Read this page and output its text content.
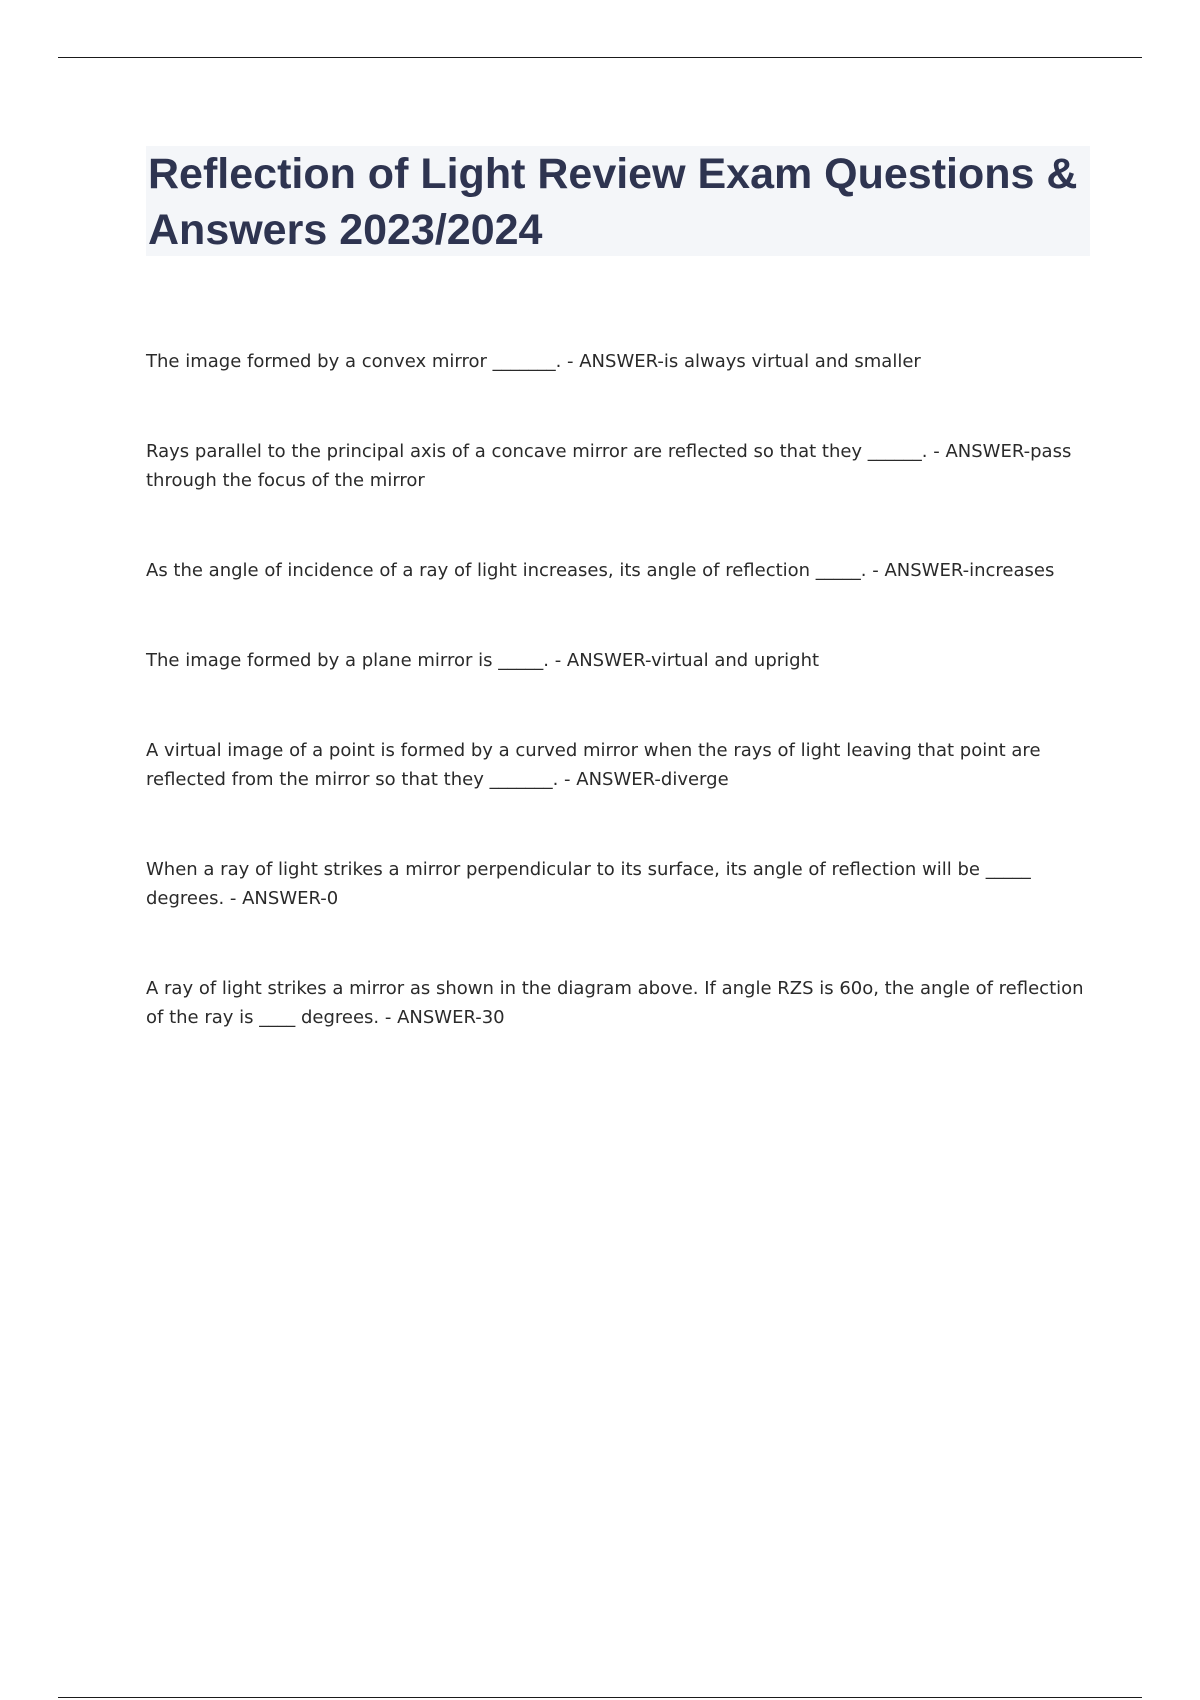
Reflection of Light Review Exam Questions & Answers 2023/2024

The image formed by a convex mirror _______. - ANSWER-is always virtual and smaller

Rays parallel to the principal axis of a concave mirror are reflected so that they ______. - ANSWER-pass through the focus of the mirror

As the angle of incidence of a ray of light increases, its angle of reflection _____. - ANSWER-increases

The image formed by a plane mirror is _____. - ANSWER-virtual and upright

A virtual image of a point is formed by a curved mirror when the rays of light leaving that point are reflected from the mirror so that they _______. - ANSWER-diverge

When a ray of light strikes a mirror perpendicular to its surface, its angle of reflection will be _____ degrees. - ANSWER-0

A ray of light strikes a mirror as shown in the diagram above. If angle RZS is 60o, the angle of reflection of the ray is ____ degrees. - ANSWER-30
